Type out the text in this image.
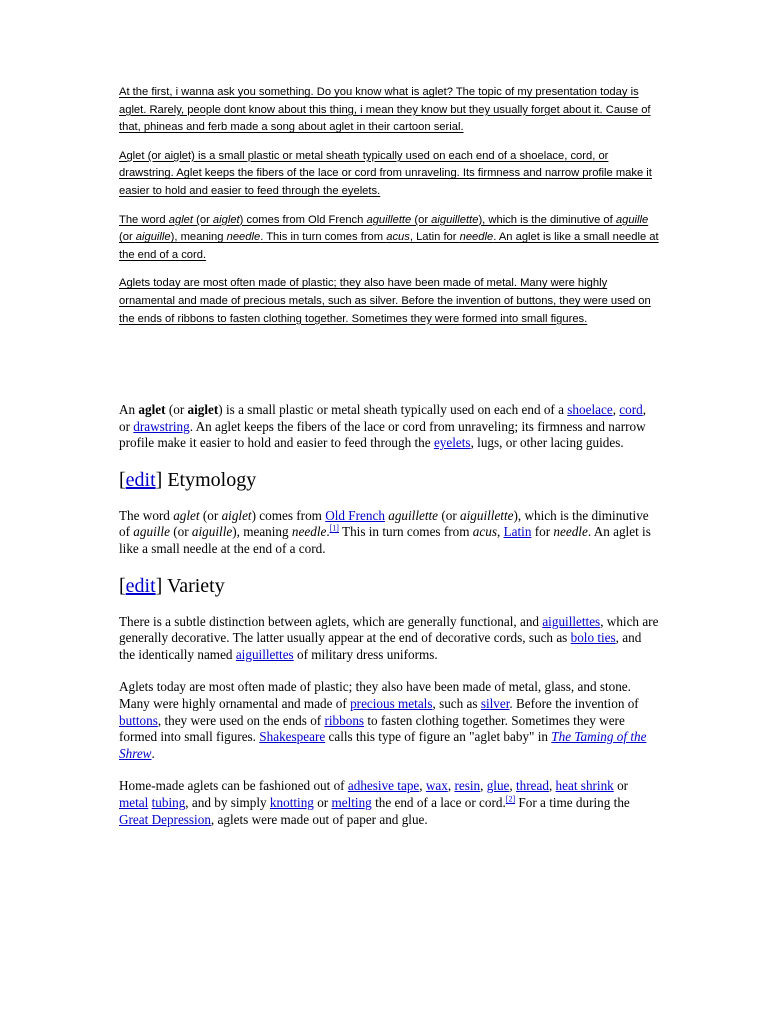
At the first, i wanna ask you something. Do you know what is aglet? The topic of my presentation today is aglet. Rarely, people dont know about this thing, i mean they know but they usually forget about it. Cause of that, phineas and ferb made a song about aglet in their cartoon serial.

Aglet (or aiglet) is a small plastic or metal sheath typically used on each end of a shoelace, cord, or drawstring. Aglet keeps the fibers of the lace or cord from unraveling. Its firmness and narrow profile make it easier to hold and easier to feed through the eyelets.

The word aglet (or aiglet) comes from Old French aguillette (or aiguillette), which is the diminutive of aguille (or aiguille), meaning needle. This in turn comes from acus, Latin for needle. An aglet is like a small needle at the end of a cord.

Aglets today are most often made of plastic; they also have been made of metal. Many were highly ornamental and made of precious metals, such as silver. Before the invention of buttons, they were used on the ends of ribbons to fasten clothing together. Sometimes they were formed into small figures.

An aglet (or aiglet) is a small plastic or metal sheath typically used on each end of a shoelace, cord, or drawstring. An aglet keeps the fibers of the lace or cord from unraveling; its firmness and narrow profile make it easier to hold and easier to feed through the eyelets, lugs, or other lacing guides.

[edit] Etymology

The word aglet (or aiglet) comes from Old French aguillette (or aiguillette), which is the diminutive of aguille (or aiguille), meaning needle.[1] This in turn comes from acus, Latin for needle. An aglet is like a small needle at the end of a cord.

[edit] Variety

There is a subtle distinction between aglets, which are generally functional, and aiguillettes, which are generally decorative. The latter usually appear at the end of decorative cords, such as bolo ties, and the identically named aiguillettes of military dress uniforms.

Aglets today are most often made of plastic; they also have been made of metal, glass, and stone. Many were highly ornamental and made of precious metals, such as silver. Before the invention of buttons, they were used on the ends of ribbons to fasten clothing together. Sometimes they were formed into small figures. Shakespeare calls this type of figure an "aglet baby" in The Taming of the Shrew.

Home-made aglets can be fashioned out of adhesive tape, wax, resin, glue, thread, heat shrink or metal tubing, and by simply knotting or melting the end of a lace or cord.[2] For a time during the Great Depression, aglets were made out of paper and glue.
